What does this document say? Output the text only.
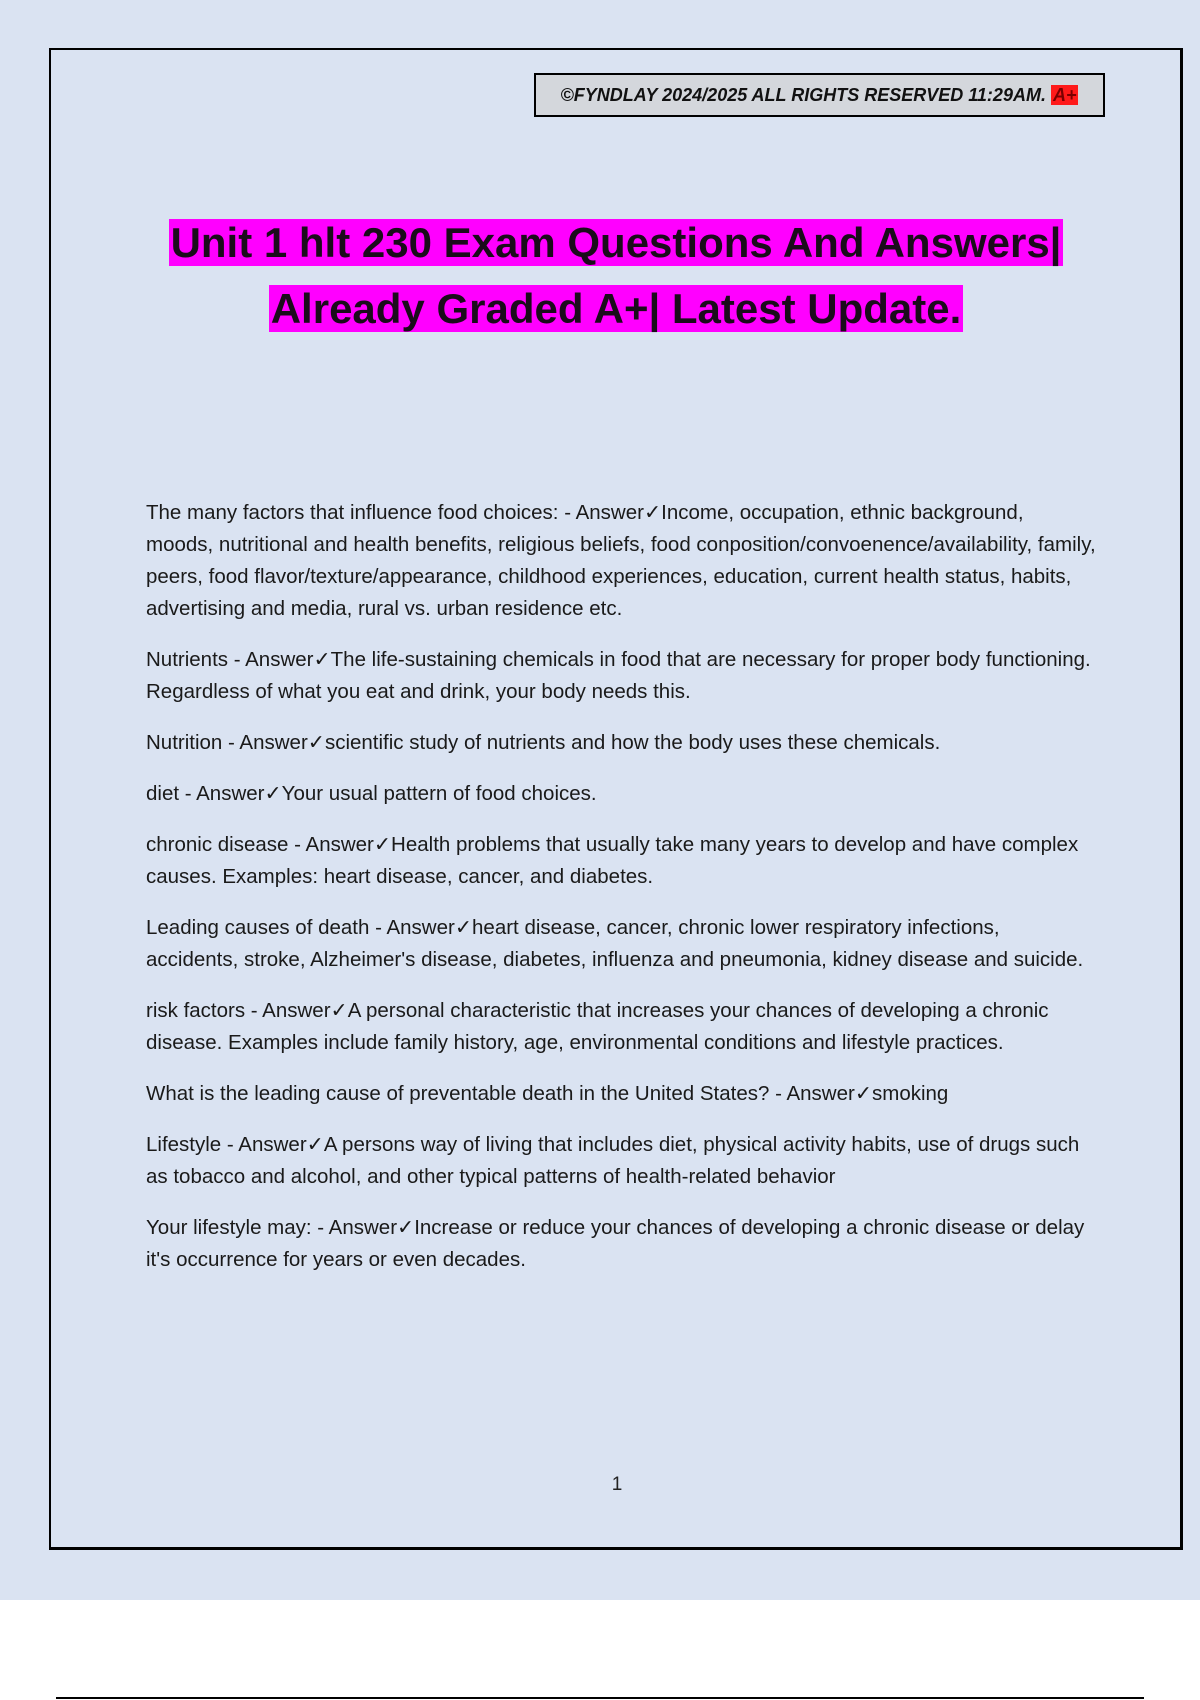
©FYNDLAY 2024/2025 ALL RIGHTS RESERVED 11:29AM. A+
Unit 1 hlt 230 Exam Questions And Answers|
Already Graded A+| Latest Update.

The many factors that influence food choices: - Answer✓Income, occupation, ethnic background, moods, nutritional and health benefits, religious beliefs, food conposition/convoenence/availability, family, peers, food flavor/texture/appearance, childhood experiences, education, current health status, habits, advertising and media, rural vs. urban residence etc.

Nutrients - Answer✓The life-sustaining chemicals in food that are necessary for proper body functioning. Regardless of what you eat and drink, your body needs this.

Nutrition - Answer✓scientific study of nutrients and how the body uses these chemicals.

diet - Answer✓Your usual pattern of food choices.

chronic disease - Answer✓Health problems that usually take many years to develop and have complex causes. Examples: heart disease, cancer, and diabetes.

Leading causes of death - Answer✓heart disease, cancer, chronic lower respiratory infections, accidents, stroke, Alzheimer's disease, diabetes, influenza and pneumonia, kidney disease and suicide.

risk factors - Answer✓A personal characteristic that increases your chances of developing a chronic disease. Examples include family history, age, environmental conditions and lifestyle practices.

What is the leading cause of preventable death in the United States? - Answer✓smoking

Lifestyle - Answer✓A persons way of living that includes diet, physical activity habits, use of drugs such as tobacco and alcohol, and other typical patterns of health-related behavior

Your lifestyle may: - Answer✓Increase or reduce your chances of developing a chronic disease or delay it's occurrence for years or even decades.

1
